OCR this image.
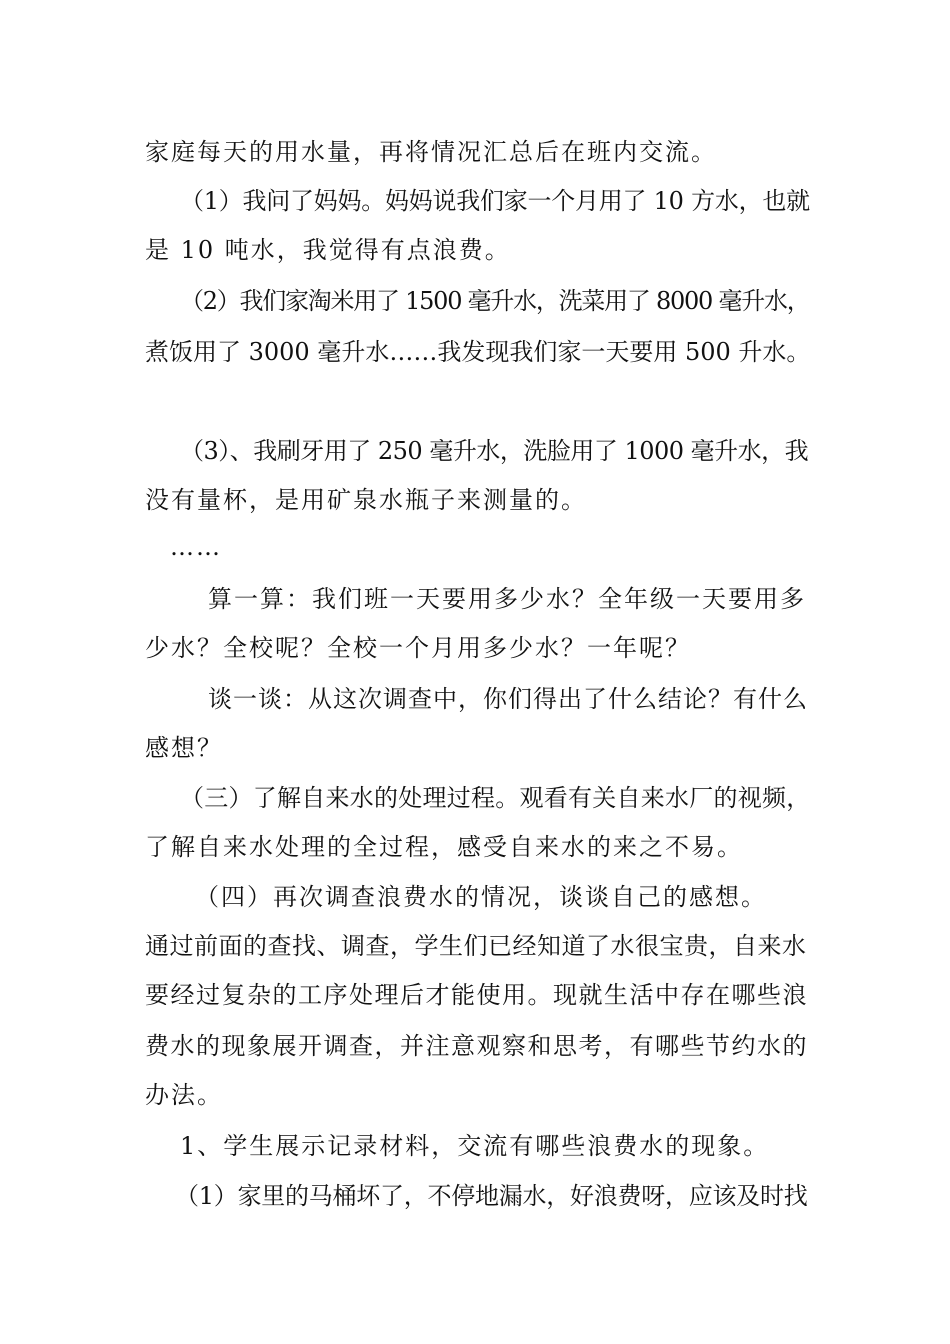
家庭每天的用水量，再将情况汇总后在班内交流。
（1）我问了妈妈。妈妈说我们家一个月用了 10 方水，也就
是 10 吨水，我觉得有点浪费。
（2）我们家淘米用了 1500 毫升水，洗菜用了 8000 毫升水，
煮饭用了 3000 毫升水……我发现我们家一天要用 500 升水。
（3）、我刷牙用了 250 毫升水，洗脸用了 1000 毫升水，我
没有量杯，是用矿泉水瓶子来测量的。
……
算一算：我们班一天要用多少水？全年级一天要用多
少水？全校呢？全校一个月用多少水？一年呢？
谈一谈：从这次调查中，你们得出了什么结论？有什么
感想？
（三）了解自来水的处理过程。观看有关自来水厂的视频，
了解自来水处理的全过程，感受自来水的来之不易。
（四）再次调查浪费水的情况，谈谈自己的感想。
通过前面的查找、调查，学生们已经知道了水很宝贵，自来水
要经过复杂的工序处理后才能使用。现就生活中存在哪些浪
费水的现象展开调查，并注意观察和思考，有哪些节约水的
办法。
1、学生展示记录材料，交流有哪些浪费水的现象。
（1）家里的马桶坏了，不停地漏水，好浪费呀，应该及时找
